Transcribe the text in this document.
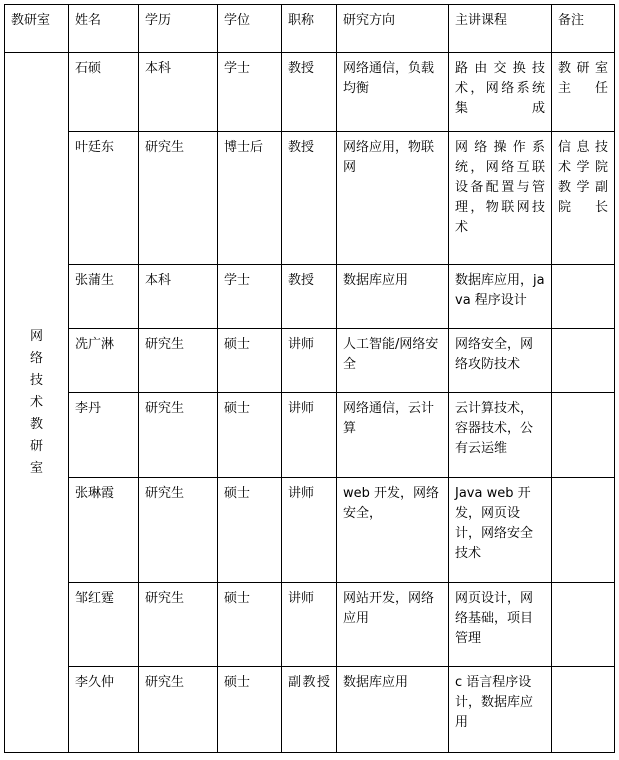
教研室	姓名	学历	学位	职称	研究方向	主讲课程	备注
网络技术教研室	石硕	本科	学士	教授	网络通信，负载均衡	路由交换技术，网络系统集成	教研室主任
	叶廷东	研究生	博士后	教授	网络应用，物联网	网络操作系统，网络互联设备配置与管理，物联网技术	信息技术学院教学副院长
	张蒲生	本科	学士	教授	数据库应用	数据库应用，java 程序设计	
	冼广淋	研究生	硕士	讲师	人工智能/网络安全	网络安全，网络攻防技术	
	李丹	研究生	硕士	讲师	网络通信，云计算	云计算技术，容器技术，公有云运维	
	张琳霞	研究生	硕士	讲师	web 开发，网络安全，	Java web 开发，网页设计，网络安全技术	
	邹红霆	研究生	硕士	讲师	网站开发，网络应用	网页设计，网络基础，项目管理	
	李久仲	研究生	硕士	副教授	数据库应用	c 语言程序设计，数据库应用	
